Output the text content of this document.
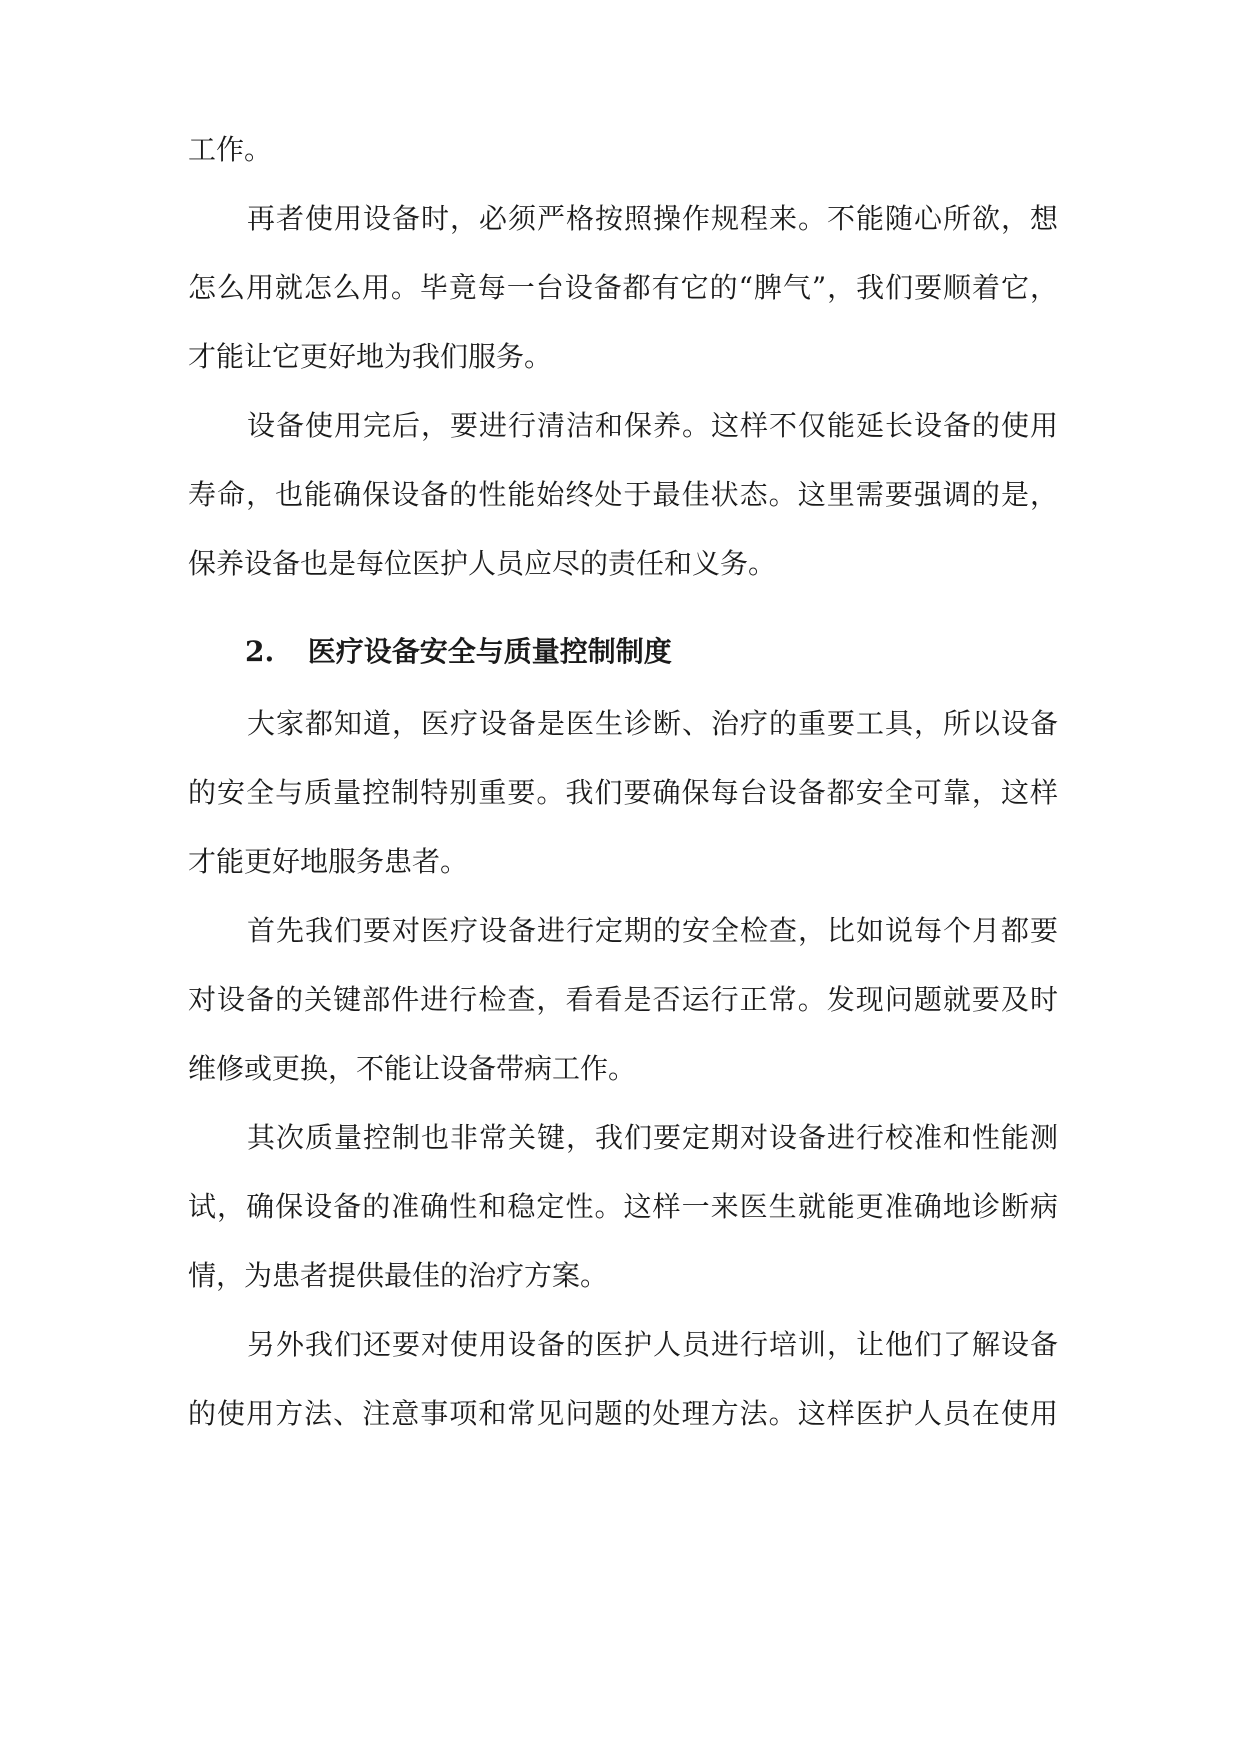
工作。
再者使用设备时，必须严格按照操作规程来。不能随心所欲，想
怎么用就怎么用。毕竟每一台设备都有它的“脾气”，我们要顺着它，
才能让它更好地为我们服务。
设备使用完后，要进行清洁和保养。这样不仅能延长设备的使用
寿命，也能确保设备的性能始终处于最佳状态。这里需要强调的是，
保养设备也是每位医护人员应尽的责任和义务。
2. 医疗设备安全与质量控制制度
大家都知道，医疗设备是医生诊断、治疗的重要工具，所以设备
的安全与质量控制特别重要。我们要确保每台设备都安全可靠，这样
才能更好地服务患者。
首先我们要对医疗设备进行定期的安全检查，比如说每个月都要
对设备的关键部件进行检查，看看是否运行正常。发现问题就要及时
维修或更换，不能让设备带病工作。
其次质量控制也非常关键，我们要定期对设备进行校准和性能测
试，确保设备的准确性和稳定性。这样一来医生就能更准确地诊断病
情，为患者提供最佳的治疗方案。
另外我们还要对使用设备的医护人员进行培训，让他们了解设备
的使用方法、注意事项和常见问题的处理方法。这样医护人员在使用
